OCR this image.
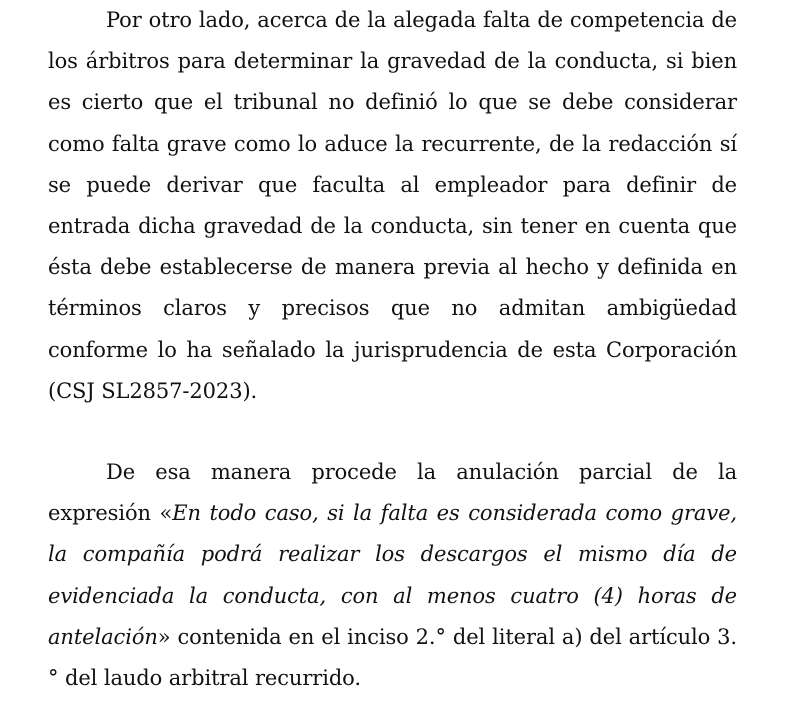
Por otro lado, acerca de la alegada falta de competencia de los árbitros para determinar la gravedad de la conducta, si bien es cierto que el tribunal no definió lo que se debe considerar como falta grave como lo aduce la recurrente, de la redacción sí se puede derivar que faculta al empleador para definir de entrada dicha gravedad de la conducta, sin tener en cuenta que ésta debe establecerse de manera previa al hecho y definida en términos claros y precisos que no admitan ambigüedad conforme lo ha señalado la jurisprudencia de esta Corporación (CSJ SL2857-2023).

De esa manera procede la anulación parcial de la expresión «En todo caso, si la falta es considerada como grave, la compañía podrá realizar los descargos el mismo día de evidenciada la conducta, con al menos cuatro (4) horas de antelación» contenida en el inciso 2.° del literal a) del artículo 3.° del laudo arbitral recurrido.
